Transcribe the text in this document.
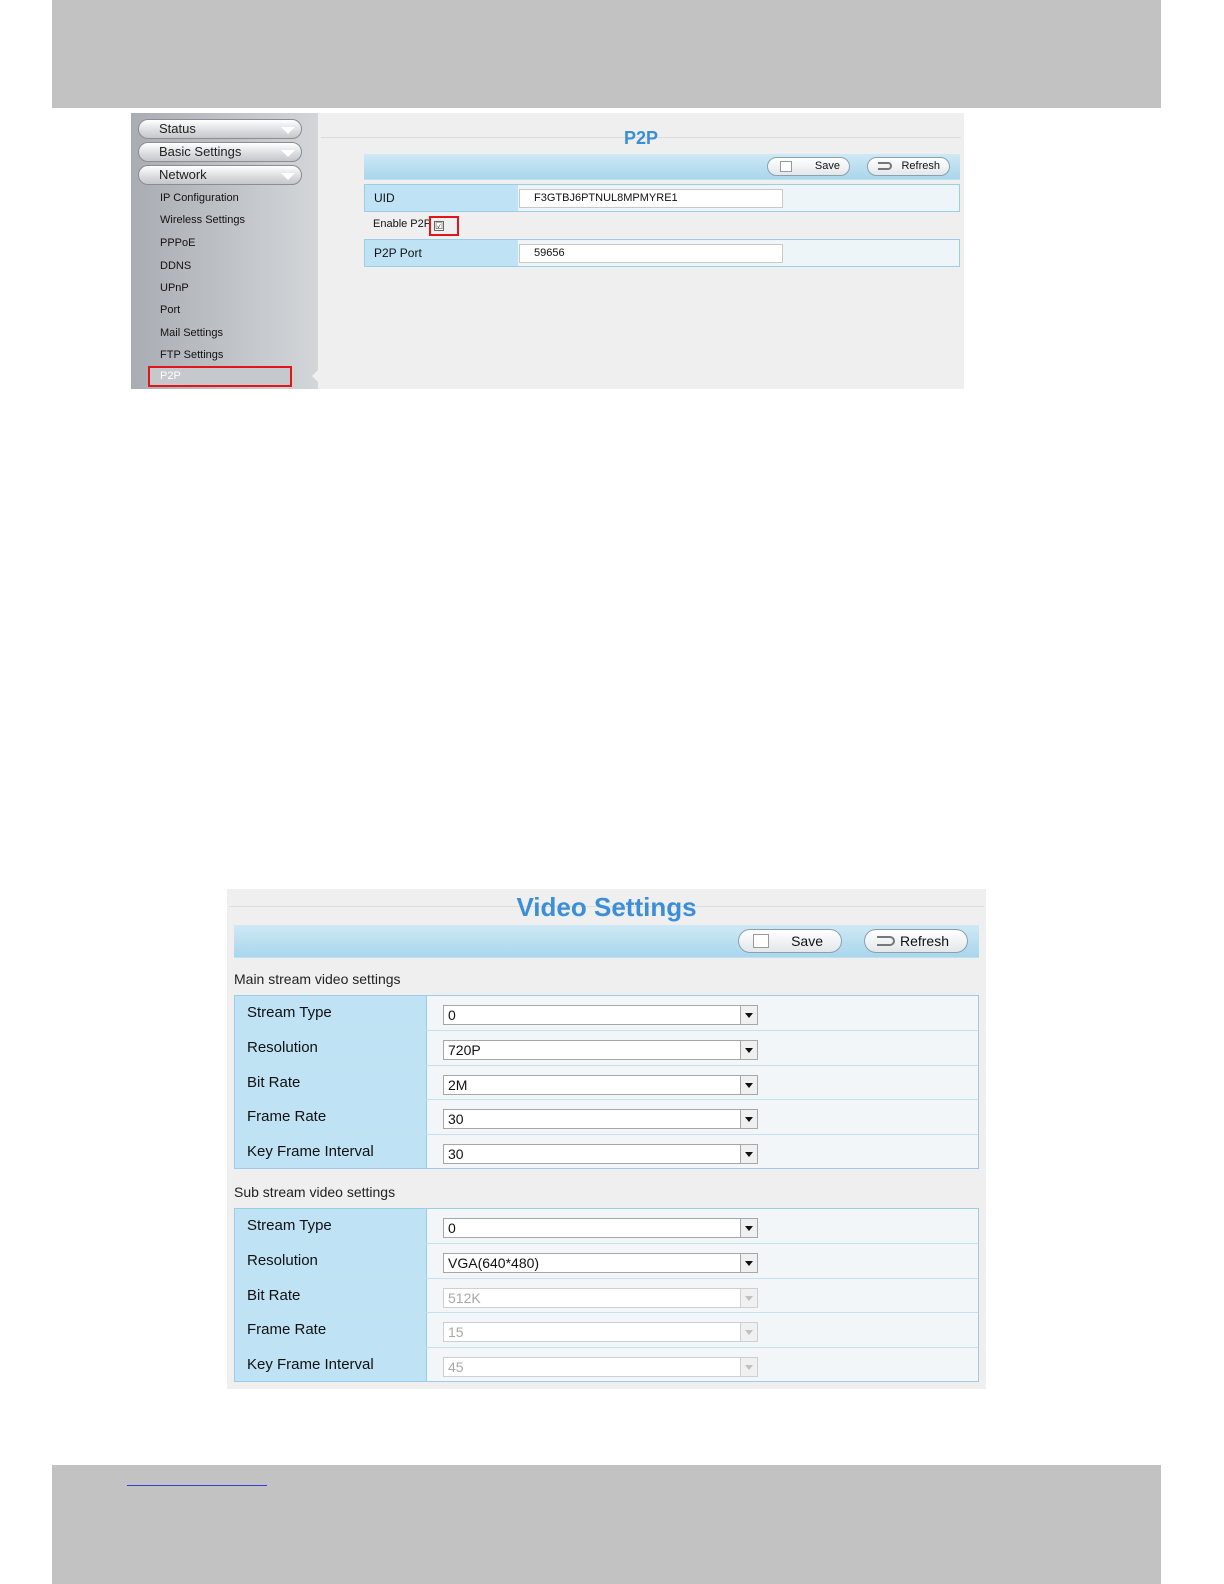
Status
Basic Settings
Network
IP Configuration
Wireless Settings
PPPoE
DDNS
UPnP
Port
Mail Settings
FTP Settings
P2P
P2P
Save	Refresh
UID	F3GTBJ6PTNUL8MPMYRE1
Enable P2P ☑
P2P Port	59656
Video Settings
Save	Refresh
Main stream video settings
Stream Type	0
Resolution	720P
Bit Rate	2M
Frame Rate	30
Key Frame Interval	30
Sub stream video settings
Stream Type	0
Resolution	VGA(640*480)
Bit Rate	512K
Frame Rate	15
Key Frame Interval	45
